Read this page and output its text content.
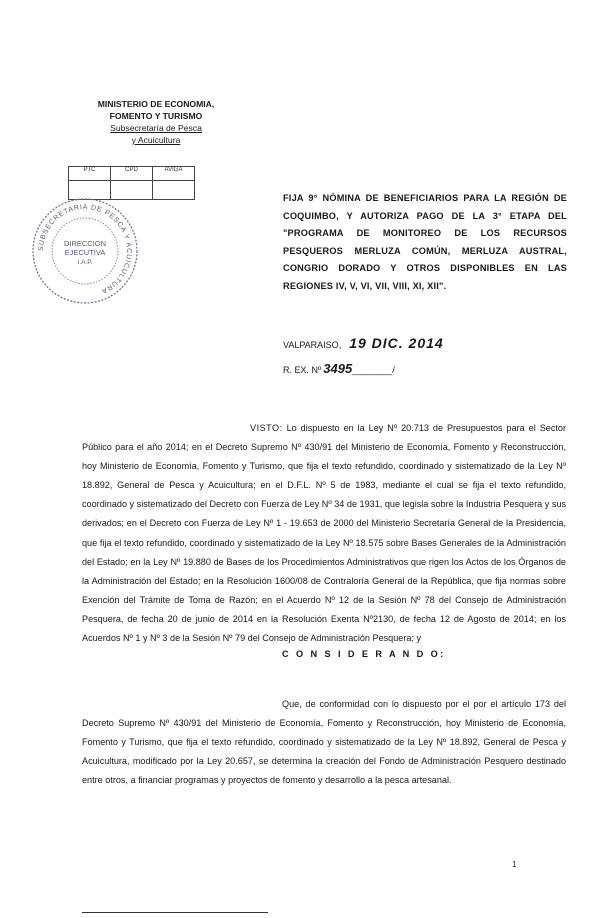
MINISTERIO DE ECONOMIA,
FOMENTO Y TURISMO
Subsecretaría de Pesca
y Acuicultura
PTC	CPD	AVIGA

SUBSECRETARIA DE PESCA Y ACUICULTURA
DIRECCION
EJECUTIVA
I.A.P.
FIJA 9° NÓMINA DE BENEFICIARIOS PARA LA REGIÓN DE COQUIMBO, Y AUTORIZA PAGO DE LA 3° ETAPA DEL "PROGRAMA DE MONITOREO DE LOS RECURSOS PESQUEROS MERLUZA COMÚN, MERLUZA AUSTRAL, CONGRIO DORADO Y OTROS DISPONIBLES EN LAS REGIONES IV, V, VI, VII, VIII, XI, XII".
VALPARAISO, 19 DIC. 2014
R. EX. Nº 3495________/

VISTO: Lo dispuesto en la Ley Nº 20.713 de Presupuestos para el Sector Público para el año 2014; en el Decreto Supremo Nº 430/91 del Ministerio de Economía, Fomento y Reconstrucción, hoy Ministerio de Economía, Fomento y Turismo, que fija el texto refundido, coordinado y sistematizado de la Ley Nº 18.892, General de Pesca y Acuicultura; en el D.F.L. Nº 5 de 1983, mediante el cual se fija el texto refundido, coordinado y sistematizado del Decreto con Fuerza de Ley Nº 34 de 1931, que legisla sobre la Industria Pesquera y sus derivados; en el Decreto con Fuerza de Ley Nº 1 - 19.653 de 2000 del Ministerio Secretaría General de la Presidencia, que fija el texto refundido, coordinado y sistematizado de la Ley Nº 18.575 sobre Bases Generales de la Administración del Estado; en la Ley Nº 19.880 de Bases de los Procedimientos Administrativos que rigen los Actos de los Órganos de la Administración del Estado; en la Resolución 1600/08 de Contraloría General de la República, que fija normas sobre Exención del Trámite de Toma de Razón; en el Acuerdo Nº 12 de la Sesión Nº 78 del Consejo de Administración Pesquera, de fecha 20 de junio de 2014 en la Resolución Exenta Nº2130, de fecha 12 de Agosto de 2014; en los Acuerdos Nº 1 y Nº 3 de la Sesión Nº 79 del Consejo de Administración Pesquera; y

C O N S I D E R A N D O:

Que, de conformidad con lo dispuesto por el por el artículo 173 del Decreto Supremo Nº 430/91 del Ministerio de Economía, Fomento y Reconstrucción, hoy Ministerio de Economía, Fomento y Turismo, que fija el texto refundido, coordinado y sistematizado de la Ley Nº 18.892, General de Pesca y Acuicultura, modificado por la Ley 20.657, se determina la creación del Fondo de Administración Pesquero destinado entre otros, a financiar programas y proyectos de fomento y desarrollo a la pesca artesanal.

1
